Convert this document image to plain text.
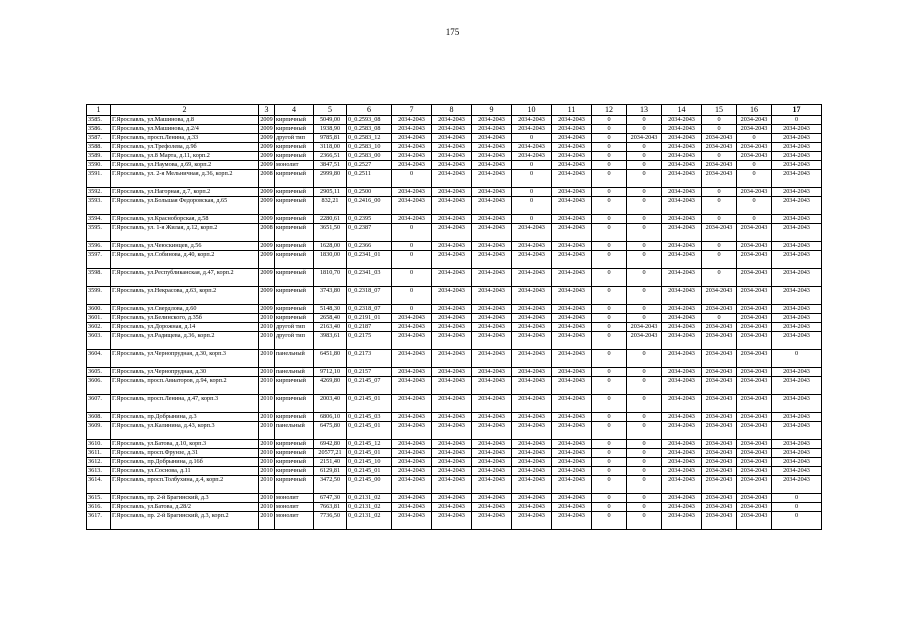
175
1	2	3	4	5	6	7	8	9	10	11	12	13	14	15	16	17
3585.	Г.Ярославль, ул.Машинова, д.8	2009	кирпичный	5049,00	0_0.2593_08	2034-2043	2034-2043	2034-2043	2034-2043	2034-2043	0	0	2034-2043	0	2034-2043	0
3586.	Г.Ярославль, ул.Машинова, д.2/4	2009	кирпичный	1938,90	0_0.2583_08	2034-2043	2034-2043	2034-2043	2034-2043	2034-2043	0	0	2034-2043	0	2034-2043	2034-2043
3587.	Г.Ярославль, просп.Ленина, д.33	2009	другой тип	9785,81	0_0.2583_12	2034-2043	2034-2043	2034-2043	0	2034-2043	0	2034-2043	2034-2043	2034-2043	0	2034-2043
3588.	Г.Ярославль, ул.Трефолева, д.9б	2009	кирпичный	3118,00	0_0.2583_10	2034-2043	2034-2043	2034-2043	2034-2043	2034-2043	0	0	2034-2043	2034-2043	2034-2043	2034-2043
3589.	Г.Ярославль, ул.8 Марта, д.11, корп.2	2009	кирпичный	2366,51	0_0.2583_00	2034-2043	2034-2043	2034-2043	2034-2043	2034-2043	0	0	2034-2043	0	2034-2043	2034-2043
3590.	Г.Ярославль, ул.Наумова, д.69, корп.2	2009	монолит	3847,51	0_0.2527	2034-2043	2034-2043	2034-2043	0	2034-2043	0	0	2034-2043	2034-2043	0	2034-2043
3591.	Г.Ярославль, ул. 2-я Мельничная, д.36, корп.2	2008	кирпичный	2999,80	0_0.2511	0	2034-2043	2034-2043	0	2034-2043	0	0	2034-2043	2034-2043	0	2034-2043
3592.	Г.Ярославль, ул.Нагорная, д.7, корп.2	2009	кирпичный	2905,11	0_0.2500	2034-2043	2034-2043	2034-2043	0	2034-2043	0	0	2034-2043	0	2034-2043	2034-2043
3593.	Г.Ярославль, ул.Большая Федоровская, д.65	2009	кирпичный	832,21	0_0.2416_00	2034-2043	2034-2043	2034-2043	0	2034-2043	0	0	2034-2043	0	0	2034-2043
3594.	Г.Ярославль, ул.Красноборская, д.58	2009	кирпичный	2280,61	0_0.2395	2034-2043	2034-2043	2034-2043	0	2034-2043	0	0	2034-2043	0	0	2034-2043
3595.	Г.Ярославль, ул. 1-я Жилая, д.12, корп.2	2008	кирпичный	3651,50	0_0.2387	0	2034-2043	2034-2043	2034-2043	2034-2043	0	0	2034-2043	2034-2043	2034-2043	2034-2043
3596.	Г.Ярославль, ул.Чеюскинцев, д.56	2009	кирпичный	1628,00	0_0.2366	0	2034-2043	2034-2043	2034-2043	2034-2043	0	0	2034-2043	0	2034-2043	2034-2043
3597.	Г.Ярославль, ул.Собинова, д.40, корп.2	2009	кирпичный	1830,00	0_0.2341_01	0	2034-2043	2034-2043	2034-2043	2034-2043	0	0	2034-2043	0	2034-2043	2034-2043
3598.	Г.Ярославль, ул.Республиканская, д.47, корп.2	2009	кирпичный	1810,70	0_0.2341_03	0	2034-2043	2034-2043	2034-2043	2034-2043	0	0	2034-2043	0	2034-2043	2034-2043
3599.	Г.Ярославль, ул.Некрасова, д.63, корп.2	2009	кирпичный	3743,80	0_0.2318_07	0	2034-2043	2034-2043	2034-2043	2034-2043	0	0	2034-2043	2034-2043	2034-2043	2034-2043
3600.	Г.Ярославль, ул.Свердлова, д.60	2009	кирпичный	5148,30	0_0.2318_07	0	2034-2043	2034-2043	2034-2043	2034-2043	0	0	2034-2043	2034-2043	2034-2043	2034-2043
3601.	Г.Ярославль, ул.Белинского, д.35б	2010	кирпичный	2658,40	0_0.2191_01	2034-2043	2034-2043	2034-2043	2034-2043	2034-2043	0	0	2034-2043	0	2034-2043	2034-2043
3602.	Г.Ярославль, ул.Дорожная, д.14	2010	другой тип	2163,40	0_0.2187	2034-2043	2034-2043	2034-2043	2034-2043	2034-2043	0	2034-2043	2034-2043	2034-2043	2034-2043	2034-2043
3603.	Г.Ярославль, ул.Радищева, д.36, корп.2	2010	другой тип	3983,61	0_0.2175	2034-2043	2034-2043	2034-2043	2034-2043	2034-2043	0	2034-2043	2034-2043	2034-2043	2034-2043	2034-2043
3604.	Г.Ярославль, ул.Чернопрудная, д.30, корп.3	2010	панельный	6451,80	0_0.2173	2034-2043	2034-2043	2034-2043	2034-2043	2034-2043	0	0	2034-2043	2034-2043	2034-2043	0
3605.	Г.Ярославль, ул.Чернопрудная, д.30	2010	панельный	9712,10	0_0.2157	2034-2043	2034-2043	2034-2043	2034-2043	2034-2043	0	0	2034-2043	2034-2043	2034-2043	2034-2043
3606.	Г.Ярославль, просп.Авиаторов, д.94, корп.2	2010	кирпичный	4269,80	0_0.2145_07	2034-2043	2034-2043	2034-2043	2034-2043	2034-2043	0	0	2034-2043	2034-2043	2034-2043	2034-2043
3607.	Г.Ярославль, просп.Ленина, д.47, корп.3	2010	кирпичный	2003,40	0_0.2145_01	2034-2043	2034-2043	2034-2043	2034-2043	2034-2043	0	0	2034-2043	2034-2043	2034-2043	2034-2043
3608.	Г.Ярославль, пр.Добрынина, д.3	2010	кирпичный	6806,10	0_0.2145_03	2034-2043	2034-2043	2034-2043	2034-2043	2034-2043	0	0	2034-2043	2034-2043	2034-2043	2034-2043
3609.	Г.Ярославль, ул.Калинина, д.43, корп.3	2010	панельный	6475,80	0_0.2145_01	2034-2043	2034-2043	2034-2043	2034-2043	2034-2043	0	0	2034-2043	2034-2043	2034-2043	2034-2043
3610.	Г.Ярославль, ул.Батова, д.10, корп.3	2010	кирпичный	6942,80	0_0.2145_12	2034-2043	2034-2043	2034-2043	2034-2043	2034-2043	0	0	2034-2043	2034-2043	2034-2043	2034-2043
3611.	Г.Ярославль, просп.Фрунзе, д.31	2010	кирпичный	20577,21	0_0.2145_01	2034-2043	2034-2043	2034-2043	2034-2043	2034-2043	0	0	2034-2043	2034-2043	2034-2043	2034-2043
3612.	Г.Ярославль, пр.Добрынина, д.16б	2010	кирпичный	2151,40	0_0.2145_10	2034-2043	2034-2043	2034-2043	2034-2043	2034-2043	0	0	2034-2043	2034-2043	2034-2043	2034-2043
3613.	Г.Ярославль, ул.Соснова, д.11	2010	кирпичный	6129,81	0_0.2145_01	2034-2043	2034-2043	2034-2043	2034-2043	2034-2043	0	0	2034-2043	2034-2043	2034-2043	2034-2043
3614.	Г.Ярославль, просп.Толбухина, д.4, корп.2	2010	кирпичный	3472,50	0_0.2145_00	2034-2043	2034-2043	2034-2043	2034-2043	2034-2043	0	0	2034-2043	2034-2043	2034-2043	2034-2043
3615.	Г.Ярославль, пр. 2-й Брагинский, д.3	2010	монолит	6747,30	0_0.2131_02	2034-2043	2034-2043	2034-2043	2034-2043	2034-2043	0	0	2034-2043	2034-2043	2034-2043	0
3616.	Г.Ярославль, ул.Батова, д.28/2	2010	монолит	7663,81	0_0.2131_02	2034-2043	2034-2043	2034-2043	2034-2043	2034-2043	0	0	2034-2043	2034-2043	2034-2043	0
3617.	Г.Ярославль, пр. 2-й Брагинский, д.3, корп.2	2010	монолит	7736,50	0_0.2131_02	2034-2043	2034-2043	2034-2043	2034-2043	2034-2043	0	0	2034-2043	2034-2043	2034-2043	0
